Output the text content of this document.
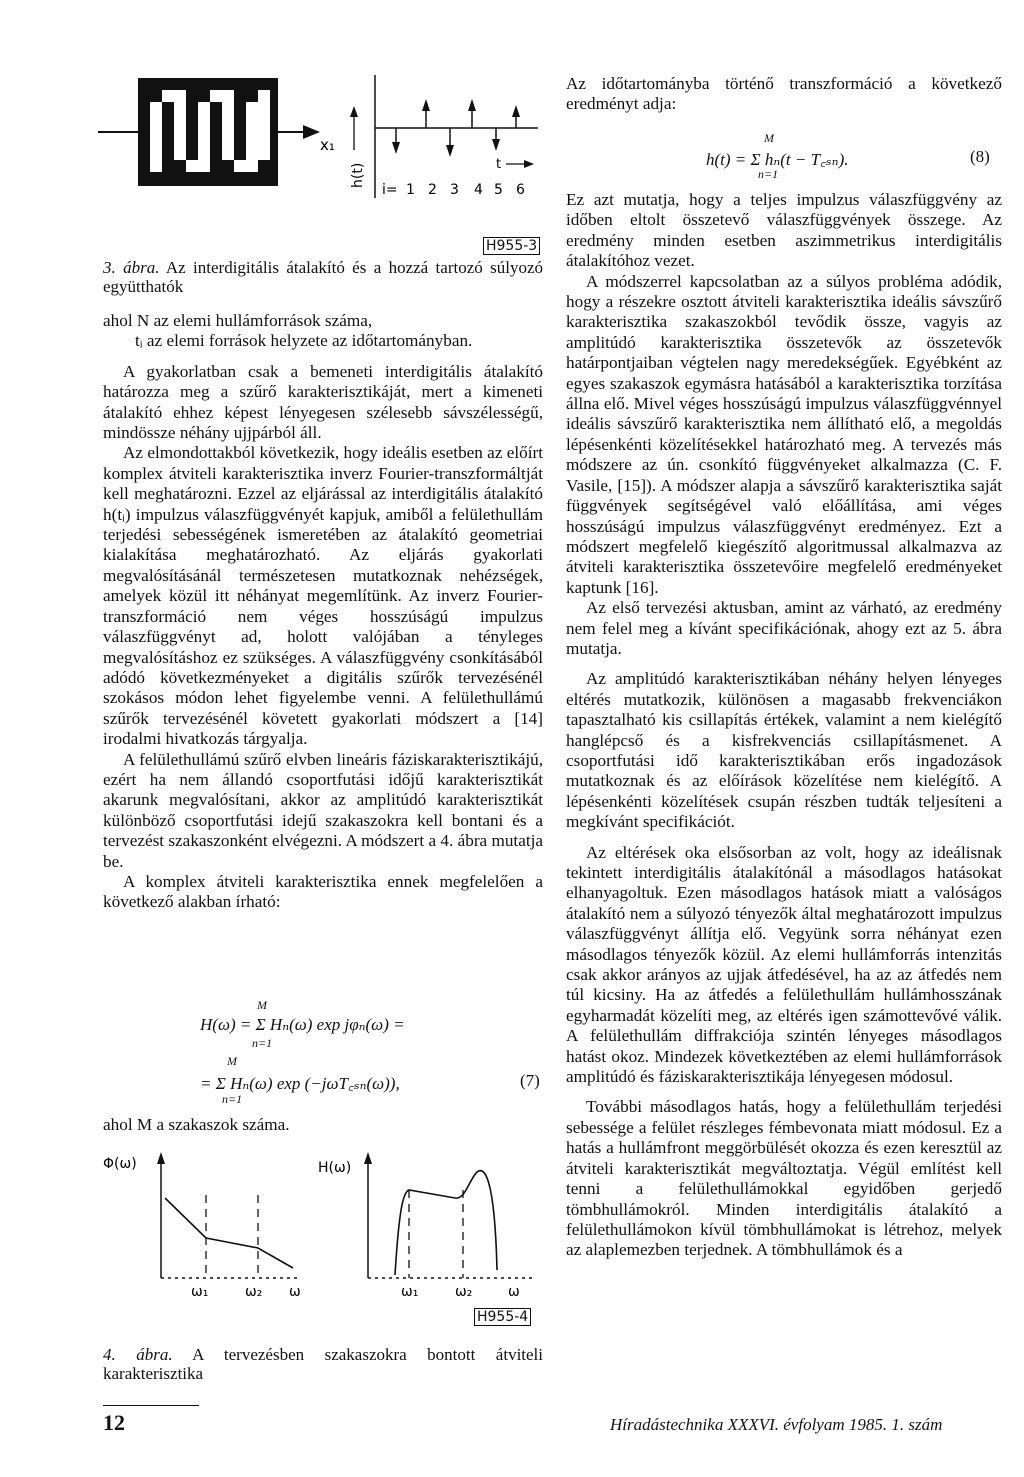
x₁
h(t)	t
i= 1 2 3 4 5 6
H955-3
3. ábra. Az interdigitális átalakító és a hozzá tartozó súlyozó együtthatók

ahol N az elemi hullámforrások száma,

tᵢ az elemi források helyzete az időtartományban.

A gyakorlatban csak a bemeneti interdigitális átalakító határozza meg a szűrő karakterisztikáját, mert a kimeneti átalakító ehhez képest lényegesen szélesebb sávszélességű, mindössze néhány ujjpárból áll.

Az elmondottakból következik, hogy ideális esetben az előírt komplex átviteli karakterisztika inverz Fourier-transzformáltját kell meghatározni. Ezzel az eljárással az interdigitális átalakító h(tᵢ) impulzus válaszfüggvényét kapjuk, amiből a felülethullám terjedési sebességének ismeretében az átalakító geometriai kialakítása meghatározható. Az eljárás gyakorlati megvalósításánál természetesen mutatkoznak nehézségek, amelyek közül itt néhányat megemlítünk. Az inverz Fourier-transzformáció nem véges hosszúságú impulzus válaszfüggvényt ad, holott valójában a tényleges megvalósításhoz ez szükséges. A válaszfüggvény csonkításából adódó következményeket a digitális szűrők tervezésénél szokásos módon lehet figyelembe venni. A felülethullámú szűrők tervezésénél követett gyakorlati módszert a [14] irodalmi hivatkozás tárgyalja.

A felülethullámú szűrő elvben lineáris fáziskarakterisztikájú, ezért ha nem állandó csoportfutási időjű karakterisztikát akarunk megvalósítani, akkor az amplitúdó karakterisztikát különböző csoportfutási idejű szakaszokra kell bontani és a tervezést szakaszonként elvégezni. A módszert a 4. ábra mutatja be.

A komplex átviteli karakterisztika ennek megfelelően a következő alakban írható:

H(ω) = Σ Hₙ(ω) exp jφₙ(ω) =
M
n=1
= Σ Hₙ(ω) exp (−jωT꜀ₛₙ(ω)),
M
n=1
(7)

ahol M a szakaszok száma.

Φ(ω)
ω₁	ω₂ ω
H(ω)
ω₁	ω₂	ω
H955-4
4. ábra. A tervezésben szakaszokra bontott átviteli karakterisztika

Az időtartományba történő transzformáció a következő eredményt adja:

h(t) = Σ hₙ(t − T꜀ₛₙ).
M
n=1
(8)

Ez azt mutatja, hogy a teljes impulzus válaszfüggvény az időben eltolt összetevő válaszfüggvények összege. Az eredmény minden esetben aszimmetrikus interdigitális átalakítóhoz vezet.

A módszerrel kapcsolatban az a súlyos probléma adódik, hogy a részekre osztott átviteli karakterisztika ideális sávszűrő karakterisztika szakaszokból tevődik össze, vagyis az amplitúdó karakterisztika összetevők az összetevők határpontjaiban végtelen nagy meredekségűek. Egyébként az egyes szakaszok egymásra hatásából a karakterisztika torzítása állna elő. Mivel véges hosszúságú impulzus válaszfüggvénnyel ideális sávszűrő karakterisztika nem állítható elő, a megoldás lépésenkénti közelítésekkel határozható meg. A tervezés más módszere az ún. csonkító függvényeket alkalmazza (C. F. Vasile, [15]). A módszer alapja a sávszűrő karakterisztika saját függvények segítségével való előállítása, ami véges hosszúságú impulzus válaszfüggvényt eredményez. Ezt a módszert megfelelő kiegészítő algoritmussal alkalmazva az átviteli karakterisztika összetevőire megfelelő eredményeket kaptunk [16].

Az első tervezési aktusban, amint az várható, az eredmény nem felel meg a kívánt specifikációnak, ahogy ezt az 5. ábra mutatja.

Az amplitúdó karakterisztikában néhány helyen lényeges eltérés mutatkozik, különösen a magasabb frekvenciákon tapasztalható kis csillapítás értékek, valamint a nem kielégítő hanglépcső és a kisfrekvenciás csillapításmenet. A csoportfutási idő karakterisztikában erős ingadozások mutatkoznak és az előírások közelítése nem kielégítő. A lépésenkénti közelítések csupán részben tudták teljesíteni a megkívánt specifikációt.

Az eltérések oka elsősorban az volt, hogy az ideálisnak tekintett interdigitális átalakítónál a másodlagos hatásokat elhanyagoltuk. Ezen másodlagos hatások miatt a valóságos átalakító nem a súlyozó tényezők által meghatározott impulzus válaszfüggvényt állítja elő. Vegyünk sorra néhányat ezen másodlagos tényezők közül. Az elemi hullámforrás intenzitás csak akkor arányos az ujjak átfedésével, ha az az átfedés nem túl kicsiny. Ha az átfedés a felülethullám hullámhosszának egyharmadát közelíti meg, az eltérés igen számottevővé válik. A felülethullám diffrakciója szintén lényeges másodlagos hatást okoz. Mindezek következtében az elemi hullámforrások amplitúdó és fáziskarakterisztikája lényegesen módosul.

További másodlagos hatás, hogy a felülethullám terjedési sebessége a felület részleges fémbevonata miatt módosul. Ez a hatás a hullámfront meggörbülését okozza és ezen keresztül az átviteli karakterisztikát megváltoztatja. Végül említést kell tenni a felülethullámokkal egyidőben gerjedő tömbhullámokról. Minden interdigitális átalakító a felülethullámokon kívül tömbhullámokat is létrehoz, melyek az alaplemezben terjednek. A tömbhullámok és a

12	Híradástechnika XXXVI. évfolyam 1985. 1. szám
